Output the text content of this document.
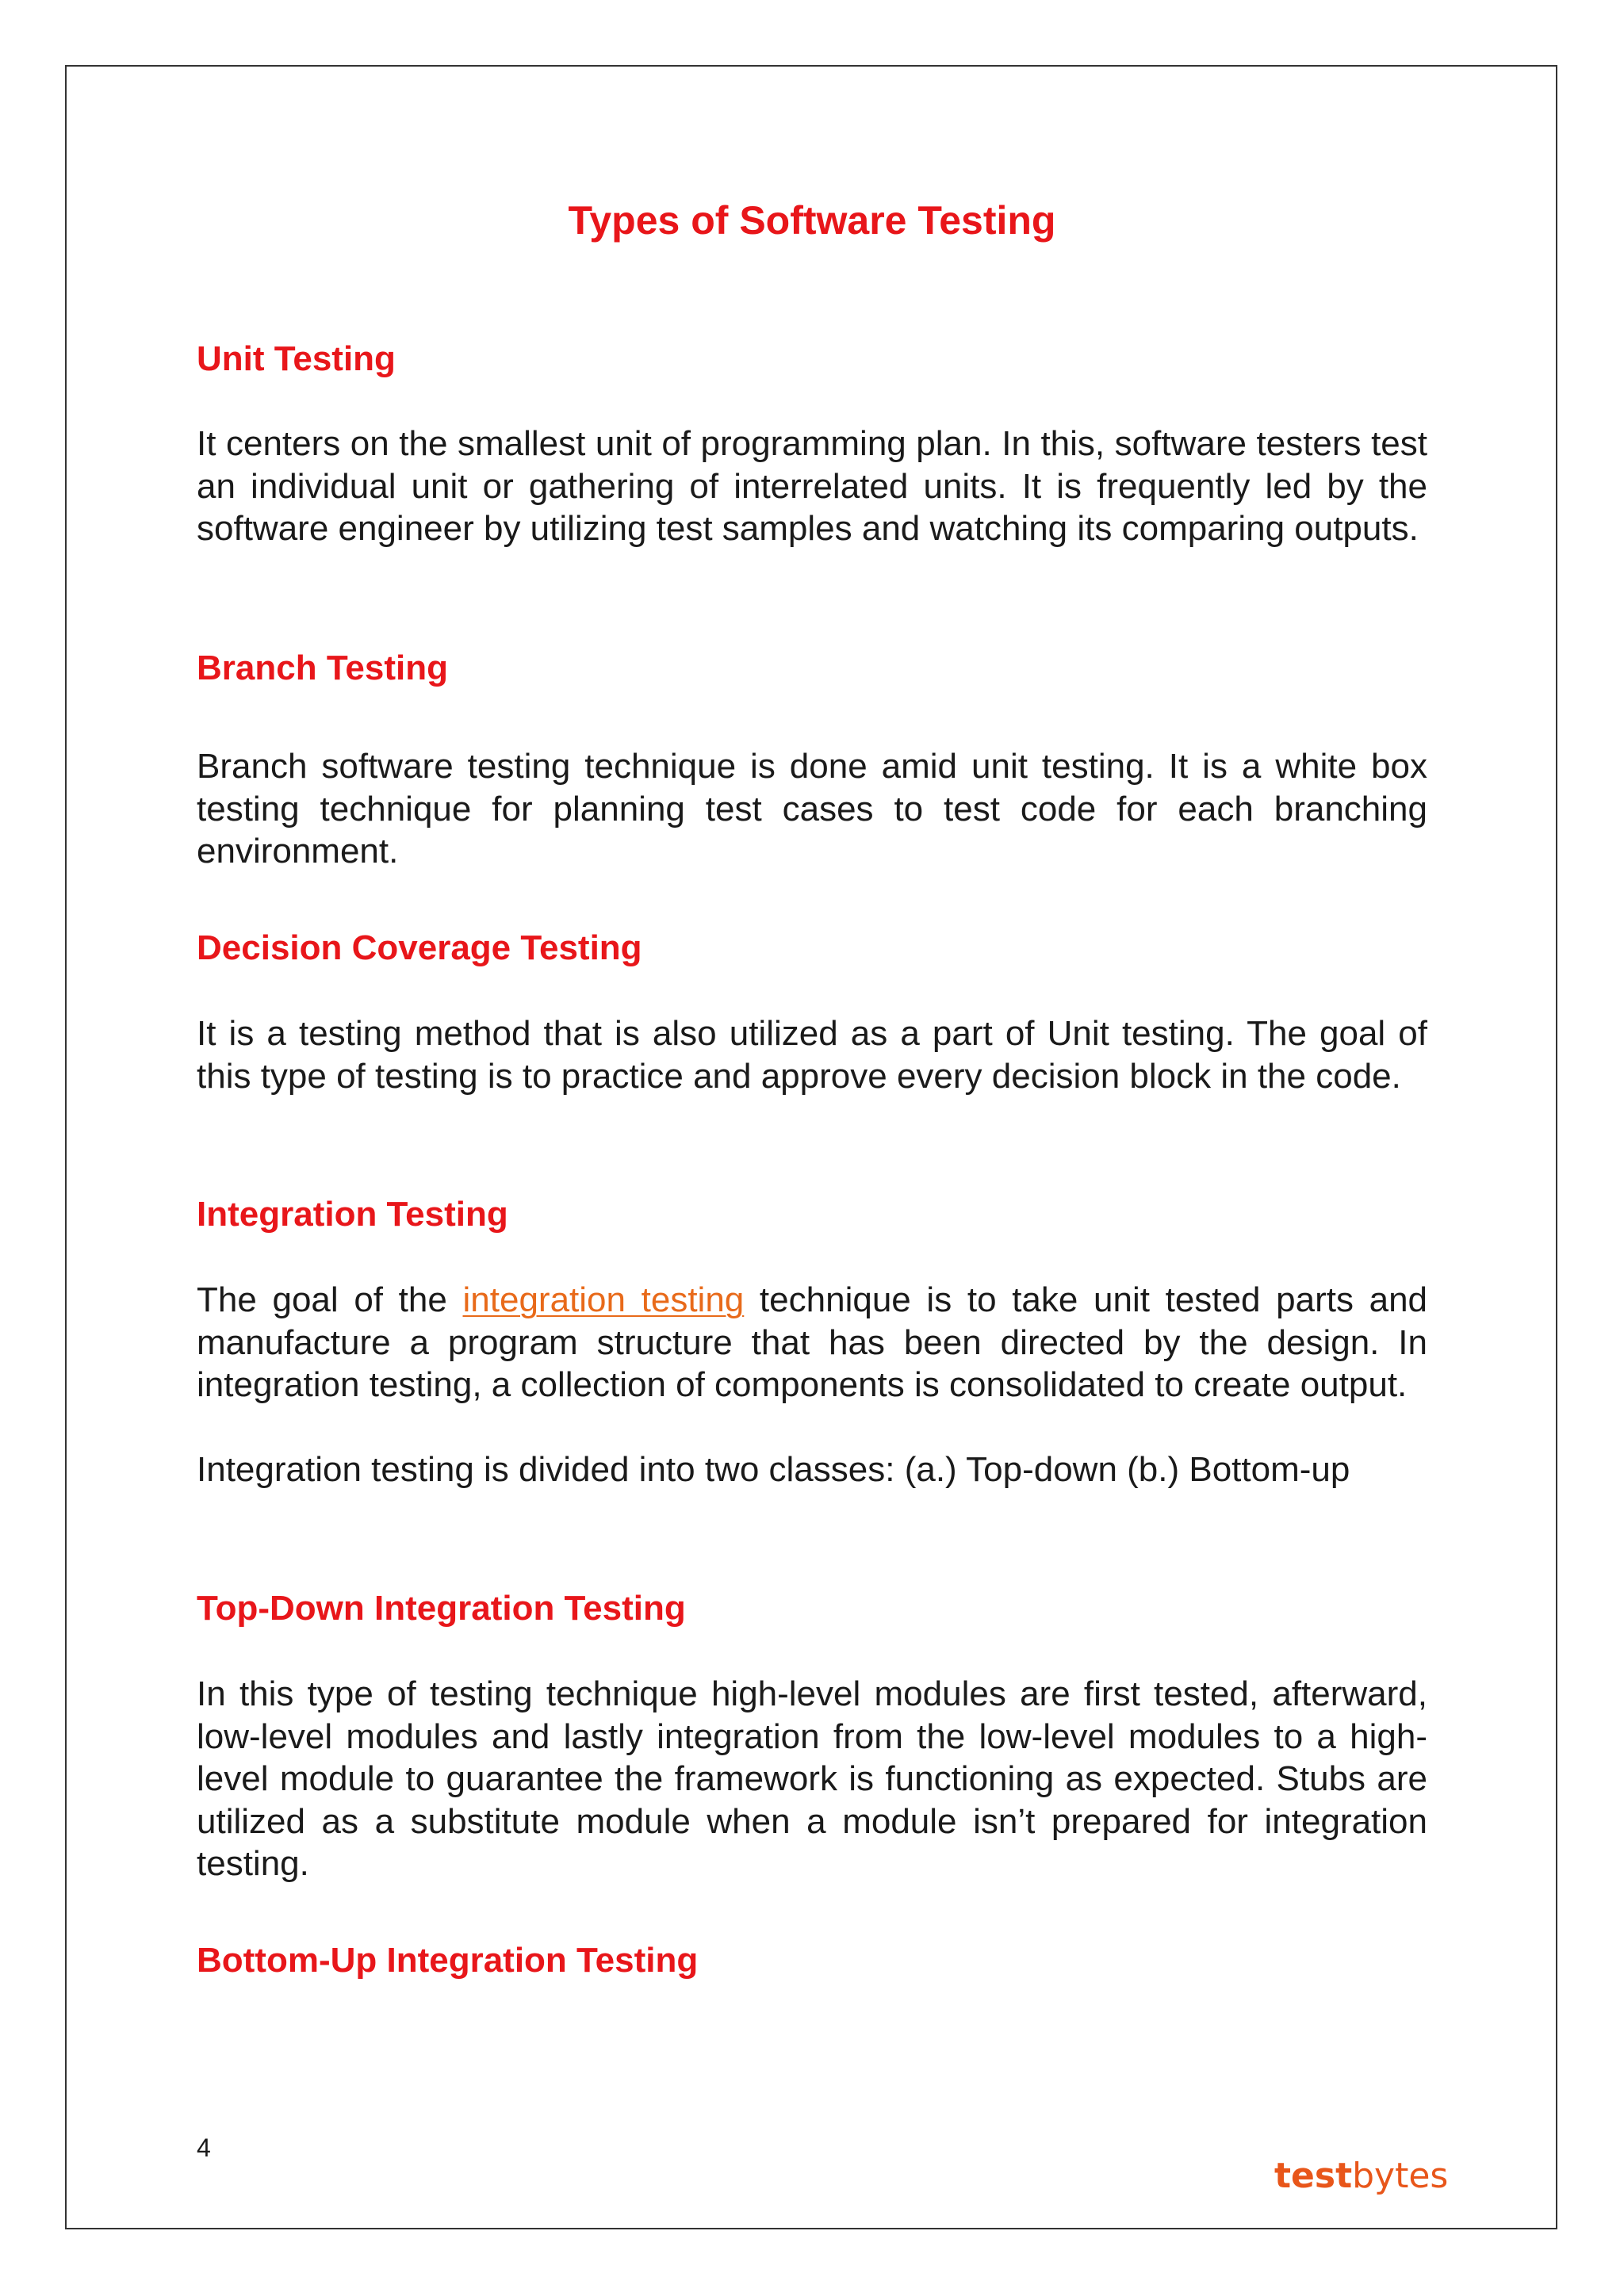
Types of Software Testing
Unit Testing

It centers on the smallest unit of programming plan. In this, software testers test an individual unit or gathering of interrelated units. It is frequently led by the software engineer by utilizing test samples and watching its comparing outputs.

Branch Testing

Branch software testing technique is done amid unit testing. It is a white box testing technique for planning test cases to test code for each branching environment.

Decision Coverage Testing

It is a testing method that is also utilized as a part of Unit testing. The goal of this type of testing is to practice and approve every decision block in the code.

Integration Testing

The goal of the integration testing technique is to take unit tested parts and manufacture a program structure that has been directed by the design. In integration testing, a collection of components is consolidated to create output.

Integration testing is divided into two classes: (a.) Top-down (b.) Bottom-up

Top-Down Integration Testing

In this type of testing technique high-level modules are first tested, afterward, low-level modules and lastly integration from the low-level modules to a high-level module to guarantee the framework is functioning as expected. Stubs are utilized as a substitute module when a module isn’t prepared for integration testing.

Bottom-Up Integration Testing

4

testbytes
